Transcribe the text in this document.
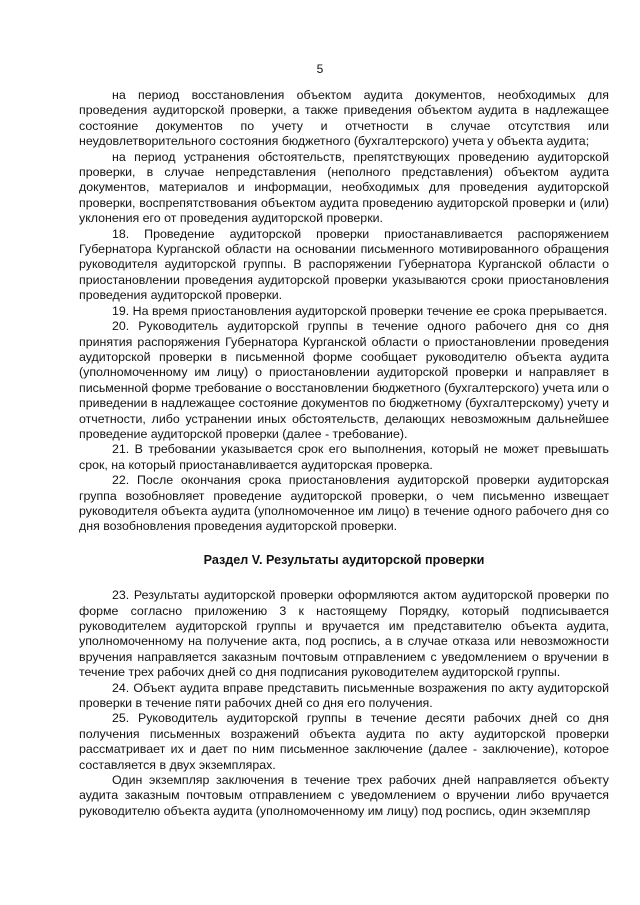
5

на период восстановления объектом аудита документов, необходимых для проведения аудиторской проверки, а также приведения объектом аудита в надлежащее состояние документов по учету и отчетности в случае отсутствия или неудовлетворительного состояния бюджетного (бухгалтерского) учета у объекта аудита;

на период устранения обстоятельств, препятствующих проведению аудиторской проверки, в случае непредставления (неполного представления) объектом аудита документов, материалов и информации, необходимых для проведения аудиторской проверки, воспрепятствования объектом аудита проведению аудиторской проверки и (или) уклонения его от проведения аудиторской проверки.

18. Проведение аудиторской проверки приостанавливается распоряжением Губернатора Курганской области на основании письменного мотивированного обращения руководителя аудиторской группы. В распоряжении Губернатора Курганской области о приостановлении проведения аудиторской проверки указываются сроки приостановления проведения аудиторской проверки.

19. На время приостановления аудиторской проверки течение ее срока прерывается.

20. Руководитель аудиторской группы в течение одного рабочего дня со дня принятия распоряжения Губернатора Курганской области о приостановлении проведения аудиторской проверки в письменной форме сообщает руководителю объекта аудита (уполномоченному им лицу) о приостановлении аудиторской проверки и направляет в письменной форме требование о восстановлении бюджетного (бухгалтерского) учета или о приведении в надлежащее состояние документов по бюджетному (бухгалтерскому) учету и отчетности, либо устранении иных обстоятельств, делающих невозможным дальнейшее проведение аудиторской проверки (далее - требование).

21. В требовании указывается срок его выполнения, который не может превышать срок, на который приостанавливается аудиторская проверка.

22. После окончания срока приостановления аудиторской проверки аудиторская группа возобновляет проведение аудиторской проверки, о чем письменно извещает руководителя объекта аудита (уполномоченное им лицо) в течение одного рабочего дня со дня возобновления проведения аудиторской проверки.

Раздел V. Результаты аудиторской проверки

23. Результаты аудиторской проверки оформляются актом аудиторской проверки по форме согласно приложению 3 к настоящему Порядку, который подписывается руководителем аудиторской группы и вручается им представителю объекта аудита, уполномоченному на получение акта, под роспись, а в случае отказа или невозможности вручения направляется заказным почтовым отправлением с уведомлением о вручении в течение трех рабочих дней со дня подписания руководителем аудиторской группы.

24. Объект аудита вправе представить письменные возражения по акту аудиторской проверки в течение пяти рабочих дней со дня его получения.

25. Руководитель аудиторской группы в течение десяти рабочих дней со дня получения письменных возражений объекта аудита по акту аудиторской проверки рассматривает их и дает по ним письменное заключение (далее - заключение), которое составляется в двух экземплярах.

Один экземпляр заключения в течение трех рабочих дней направляется объекту аудита заказным почтовым отправлением с уведомлением о вручении либо вручается руководителю объекта аудита (уполномоченному им лицу) под роспись, один экземпляр
